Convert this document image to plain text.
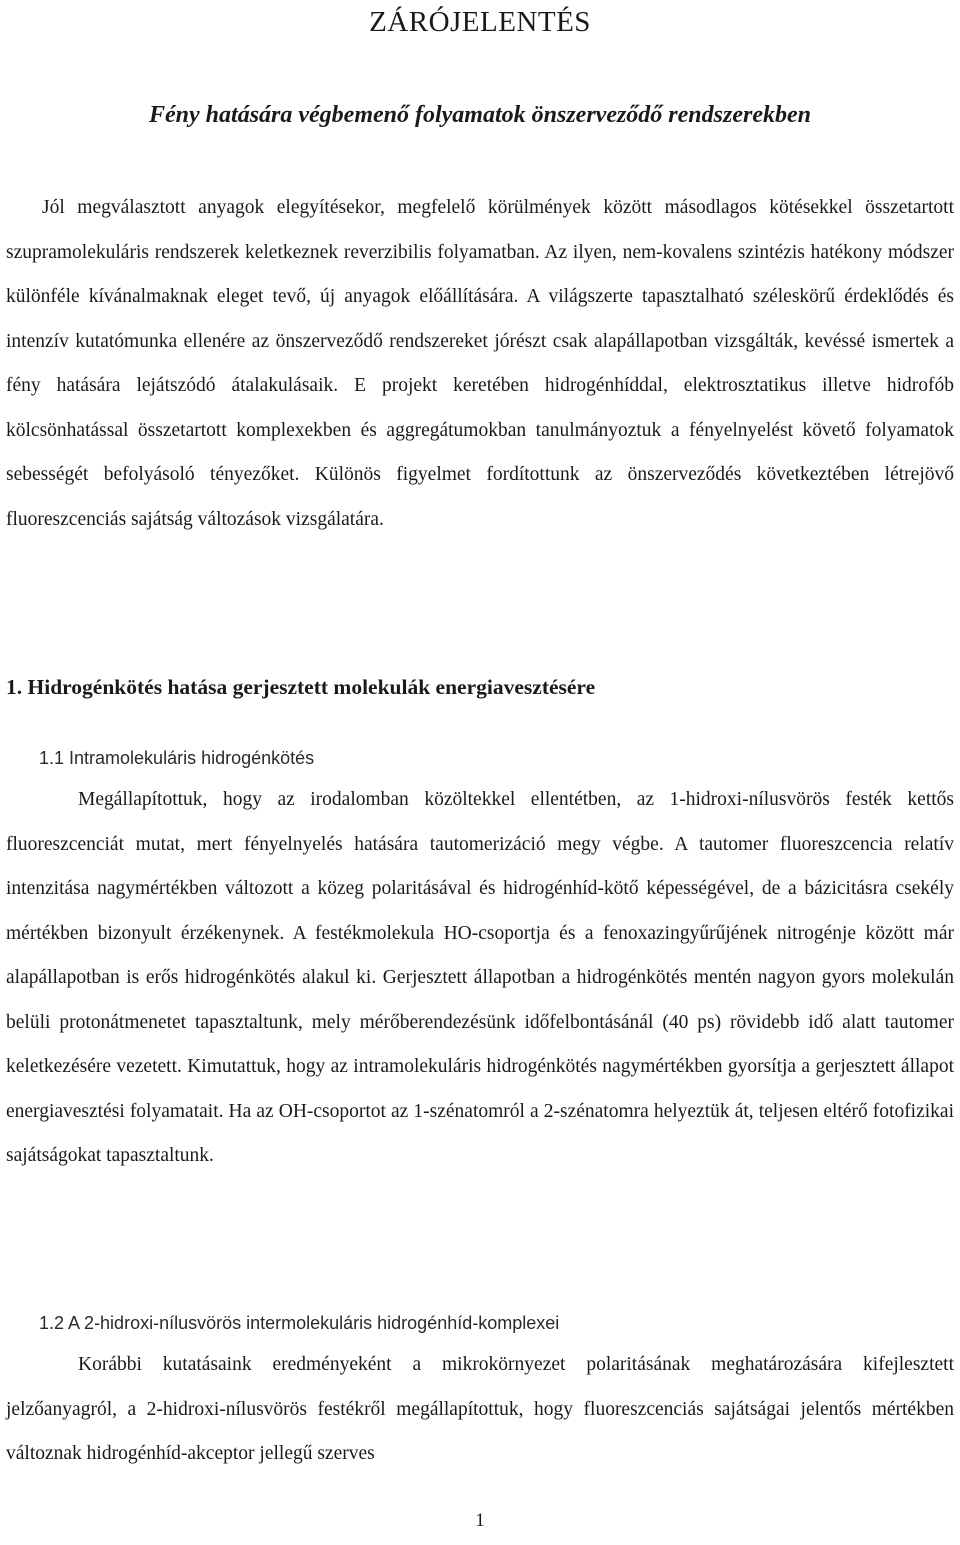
ZÁRÓJELENTÉS
Fény hatására végbemenő folyamatok önszerveződő rendszerekben

Jól megválasztott anyagok elegyítésekor, megfelelő körülmények között másodlagos kötésekkel összetartott szupramolekuláris rendszerek keletkeznek reverzibilis folyamatban. Az ilyen, nem-kovalens szintézis hatékony módszer különféle kívánalmaknak eleget tevő, új anyagok előállítására. A világszerte tapasztalható széleskörű érdeklődés és intenzív kutatómunka ellenére az önszerveződő rendszereket jórészt csak alapállapotban vizsgálták, kevéssé ismertek a fény hatására lejátszódó átalakulásaik. E projekt keretében hidrogénhíddal, elektrosztatikus illetve hidrofób kölcsönhatással összetartott komplexekben és aggregátumokban tanulmányoztuk a fényelnyelést követő folyamatok sebességét befolyásoló tényezőket. Különös figyelmet fordítottunk az önszerveződés következtében létrejövő fluoreszcenciás sajátság változások vizsgálatára.

1. Hidrogénkötés hatása gerjesztett molekulák energiavesztésére
1.1 Intramolekuláris hidrogénkötés

Megállapítottuk, hogy az irodalomban közöltekkel ellentétben, az 1-hidroxi-nílusvörös festék kettős fluoreszcenciát mutat, mert fényelnyelés hatására tautomerizáció megy végbe. A tautomer fluoreszcencia relatív intenzitása nagymértékben változott a közeg polaritásával és hidrogénhíd-kötő képességével, de a bázicitásra csekély mértékben bizonyult érzékenynek. A festékmolekula HO-csoportja és a fenoxazingyűrűjének nitrogénje között már alapállapotban is erős hidrogénkötés alakul ki. Gerjesztett állapotban a hidrogénkötés mentén nagyon gyors molekulán belüli protonátmenetet tapasztaltunk, mely mérőberendezésünk időfelbontásánál (40 ps) rövidebb idő alatt tautomer keletkezésére vezetett. Kimutattuk, hogy az intramolekuláris hidrogénkötés nagymértékben gyorsítja a gerjesztett állapot energiavesztési folyamatait. Ha az OH-csoportot az 1-szénatomról a 2-szénatomra helyeztük át, teljesen eltérő fotofizikai sajátságokat tapasztaltunk.

1.2 A 2-hidroxi-nílusvörös intermolekuláris hidrogénhíd-komplexei

Korábbi kutatásaink eredményeként a mikrokörnyezet polaritásának meghatározására kifejlesztett jelzőanyagról, a 2-hidroxi-nílusvörös festékről megállapítottuk, hogy fluoreszcenciás sajátságai jelentős mértékben változnak hidrogénhíd-akceptor jellegű szerves

1
